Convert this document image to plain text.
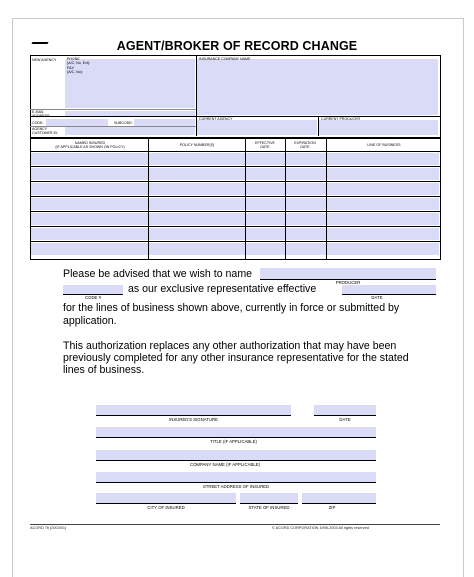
AGENT/BROKER OF RECORD CHANGE
NEW AGENCY	PHONE
(A/C, No, Ext):
FAX
(A/C, No):
E-MAIL
ADDRESS:
CODE:	SUBCODE:
AGENCY
CUSTOMER ID:
INSURANCE COMPANY NAME
CURRENT AGENCY	CURRENT PRODUCER
NAMED INSURED
(IF APPLICABLE AS SHOWN ON POLICY)	POLICY NUMBER(S)	EFFECTIVE
DATE
EXPIRATION
DATE	LINE OF BUSINESS
Please be advised that we wish to name
PRODUCER
CODE #
as our exclusive representative effective
DATE
for the lines of business shown above, currently in force or submitted by
application.
This authorization replaces any other authorization that may have been
previously completed for any other insurance representative for the stated
lines of business.
INSURED'S SIGNATURE	DATE
TITLE (IF APPLICABLE)
COMPANY NAME (IF APPLICABLE)
STREET ADDRESS OF INSURED
CITY OF INSURED	STATE OF INSURED	ZIP
ACORD 76 (2003/01)	© ACORD CORPORATION 1995-2003 All rights reserved
